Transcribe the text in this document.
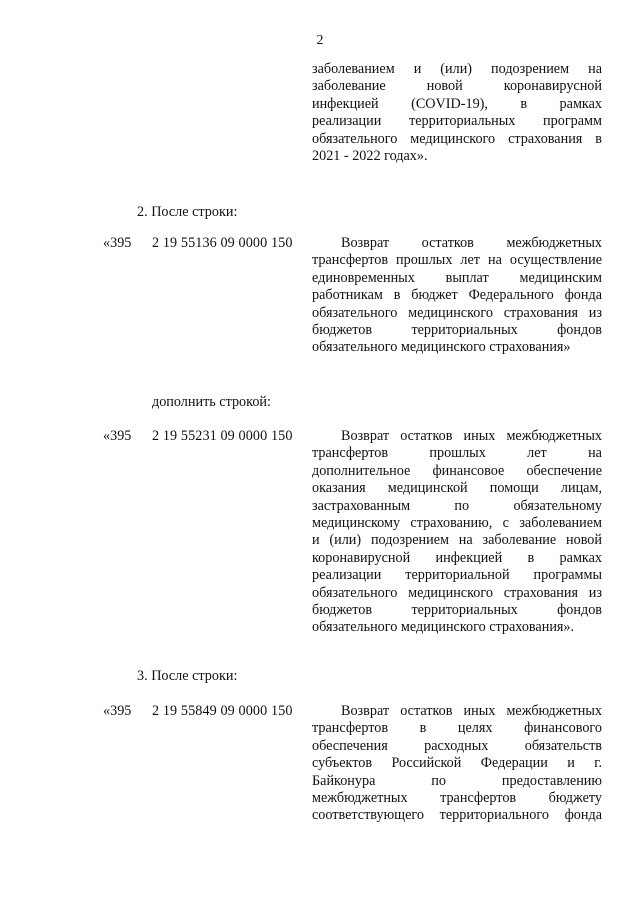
2
заболеванием и (или) подозрением на
заболевание новой коронавирусной
инфекцией (COVID-19), в рамках
реализации территориальных программ
обязательного медицинского страхования в
2021 - 2022 годах».
2. После строки:
«395 2 19 55136 09 0000 150	Возврат остатков межбюджетных
трансфертов прошлых лет на осуществление
единовременных выплат медицинским
работникам в бюджет Федерального фонда
обязательного медицинского страхования из
бюджетов территориальных фондов
обязательного медицинского страхования»
дополнить строкой:
«395 2 19 55231 09 0000 150	Возврат остатков иных межбюджетных
трансфертов прошлых лет на
дополнительное финансовое обеспечение
оказания медицинской помощи лицам,
застрахованным по обязательному
медицинскому страхованию, с заболеванием
и (или) подозрением на заболевание новой
коронавирусной инфекцией в рамках
реализации территориальной программы
обязательного медицинского страхования из
бюджетов территориальных фондов
обязательного медицинского страхования».
3. После строки:
«395 2 19 55849 09 0000 150	Возврат остатков иных межбюджетных
трансфертов в целях финансового
обеспечения расходных обязательств
субъектов Российской Федерации и г.
Байконура по предоставлению
межбюджетных трансфертов бюджету
соответствующего территориального фонда
